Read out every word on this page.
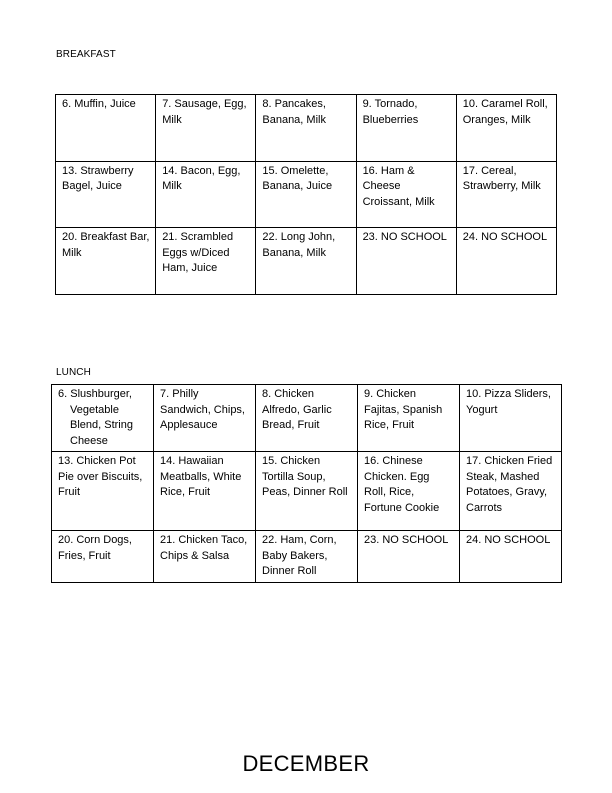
BREAKFAST
6. Muffin, Juice	7. Sausage, Egg, Milk	8. Pancakes, Banana, Milk	9. Tornado, Blueberries	10. Caramel Roll, Oranges, Milk
13. Strawberry Bagel, Juice	14. Bacon, Egg, Milk	15. Omelette, Banana, Juice	16. Ham & Cheese Croissant, Milk	17. Cereal, Strawberry, Milk
20. Breakfast Bar, Milk	21. Scrambled Eggs w/Diced Ham, Juice	22. Long John, Banana, Milk	23. NO SCHOOL	24. NO SCHOOL
LUNCH
6. Slushburger, Vegetable Blend, String Cheese	7. Philly Sandwich, Chips, Applesauce	8. Chicken Alfredo, Garlic Bread, Fruit	9. Chicken Fajitas, Spanish Rice, Fruit	10. Pizza Sliders, Yogurt
13. Chicken Pot Pie over Biscuits, Fruit	14. Hawaiian Meatballs, White Rice, Fruit	15. Chicken Tortilla Soup, Peas, Dinner Roll	16. Chinese Chicken. Egg Roll, Rice, Fortune Cookie	17. Chicken Fried Steak, Mashed Potatoes, Gravy, Carrots
20. Corn Dogs, Fries, Fruit	21. Chicken Taco, Chips & Salsa	22. Ham, Corn, Baby Bakers, Dinner Roll	23. NO SCHOOL	24. NO SCHOOL
DECEMBER
